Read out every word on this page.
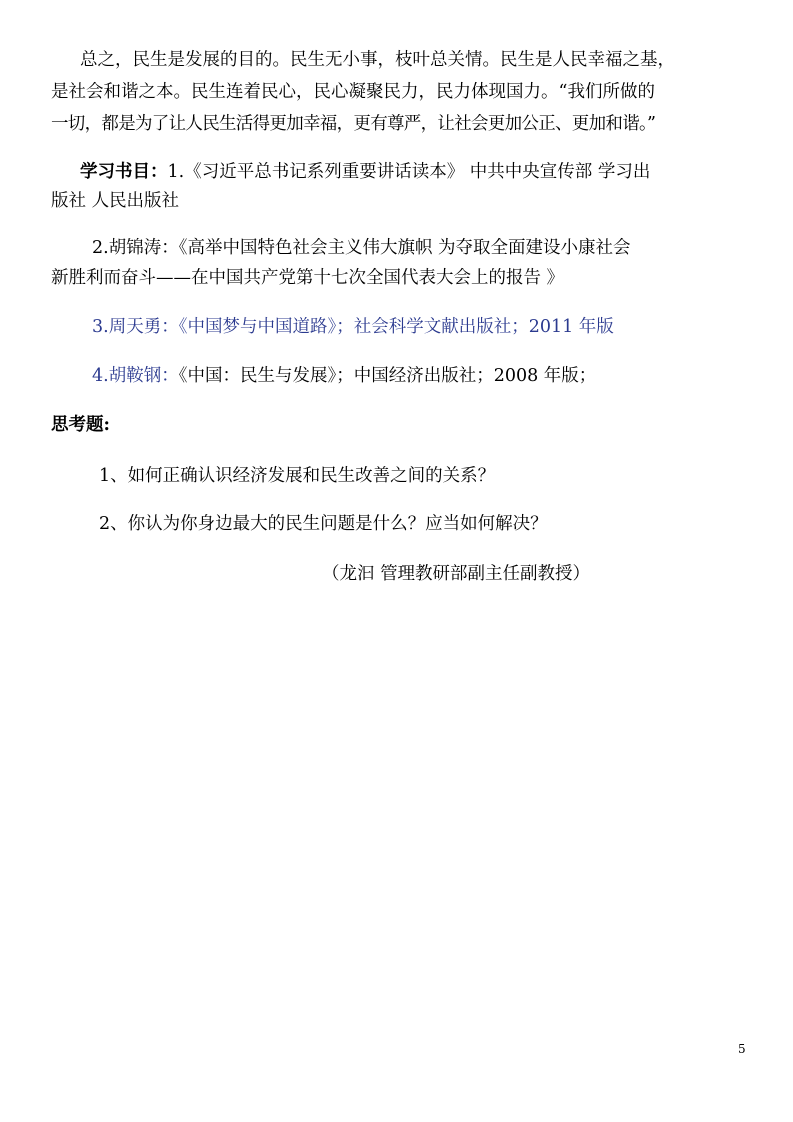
总之，民生是发展的目的。民生无小事，枝叶总关情。民生是人民幸福之基，
是社会和谐之本。民生连着民心，民心凝聚民力，民力体现国力。“我们所做的
一切，都是为了让人民生活得更加幸福，更有尊严，让社会更加公正、更加和谐。”
学习书目：1.《习近平总书记系列重要讲话读本》 中共中央宣传部 学习出
版社 人民出版社
2.胡锦涛：《高举中国特色社会主义伟大旗帜 为夺取全面建设小康社会
新胜利而奋斗——在中国共产党第十七次全国代表大会上的报告 》
3.周天勇：《中国梦与中国道路》；社会科学文献出版社；2011 年版
4.胡鞍钢：《中国：民生与发展》；中国经济出版社；2008 年版；
思考题:
1、如何正确认识经济发展和民生改善之间的关系？
2、你认为你身边最大的民生问题是什么？应当如何解决？
（龙汩 管理教研部副主任副教授）
5
